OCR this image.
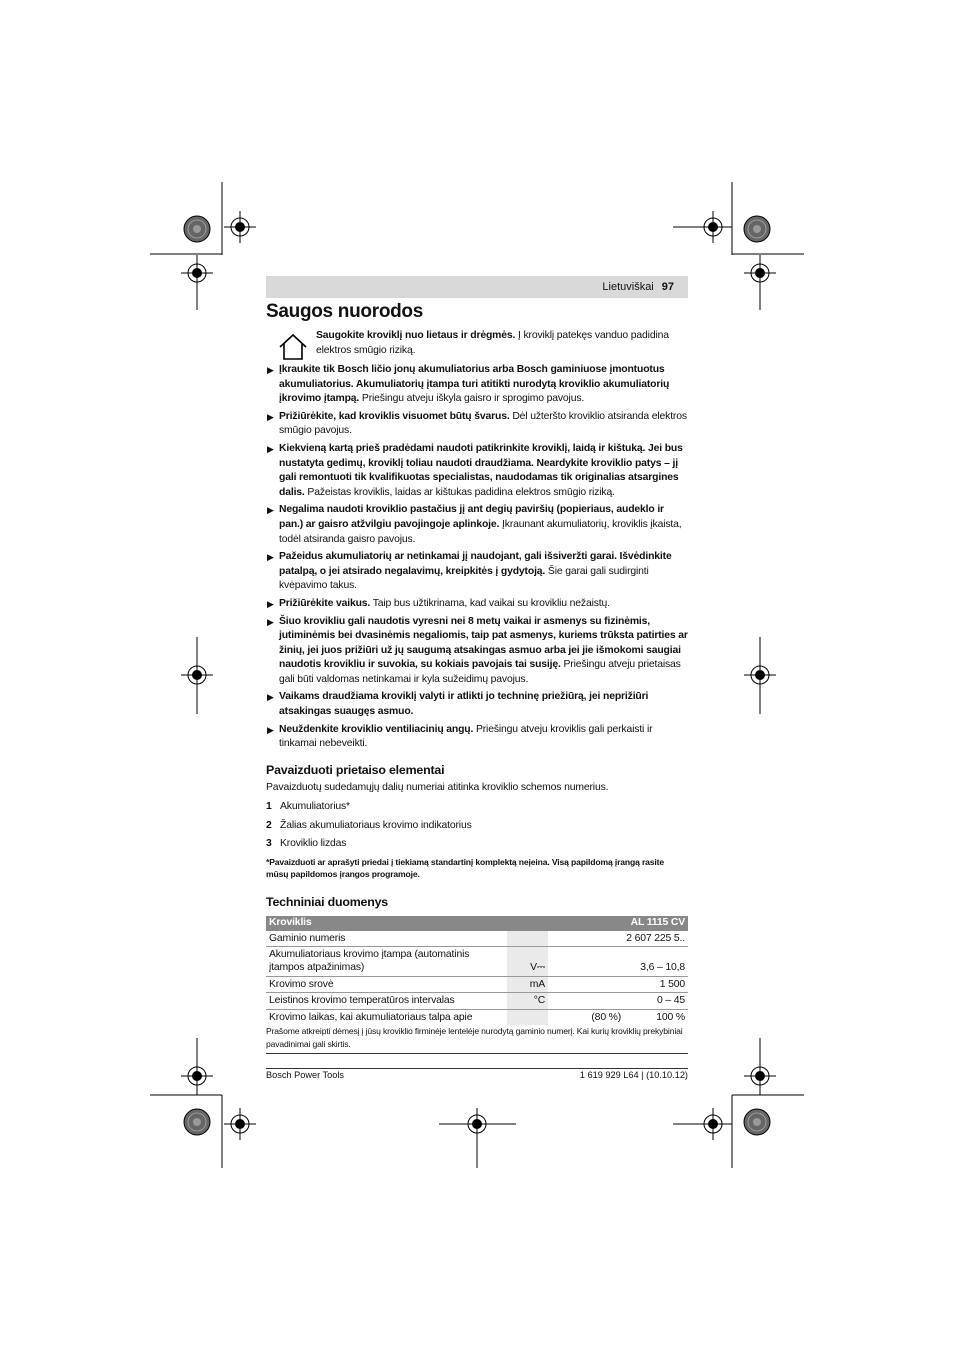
Lietuviškai 97
Saugos nuorodos
Saugokite kroviklį nuo lietaus ir drėgmės. Į kroviklį patekęs vanduo padidina elektros smūgio riziką.
▶ Įkraukite tik Bosch ličio jonų akumuliatorius arba Bosch gaminiuose įmontuotus akumuliatorius. Akumuliatorių įtampa turi atitikti nurodytą kroviklio akumuliatorių įkrovimo įtampą. Priešingu atveju iškyla gaisro ir sprogimo pavojus.
▶ Prižiūrėkite, kad kroviklis visuomet būtų švarus. Dėl užteršto kroviklio atsiranda elektros smūgio pavojus.
▶ Kiekvieną kartą prieš pradėdami naudoti patikrinkite kroviklį, laidą ir kištuką. Jei bus nustatyta gedimų, kroviklį toliau naudoti draudžiama. Neardykite kroviklio patys – jį gali remontuoti tik kvalifikuotas specialistas, naudodamas tik originalias atsargines dalis. Pažeistas kroviklis, laidas ar kištukas padidina elektros smūgio riziką.
▶ Negalima naudoti kroviklio pastačius jį ant degių paviršių (popieriaus, audeklo ir pan.) ar gaisro atžvilgiu pavojingoje aplinkoje. Įkraunant akumuliatorių, kroviklis įkaista, todėl atsiranda gaisro pavojus.
▶ Pažeidus akumuliatorių ar netinkamai jį naudojant, gali išsiveržti garai. Išvėdinkite patalpą, o jei atsirado negalavimų, kreipkitės į gydytoją. Šie garai gali sudirginti kvėpavimo takus.
▶ Prižiūrėkite vaikus. Taip bus užtikrinama, kad vaikai su krovikliu nežaistų.
▶ Šiuo krovikliu gali naudotis vyresni nei 8 metų vaikai ir asmenys su fizinėmis, jutiminėmis bei dvasinėmis negaliomis, taip pat asmenys, kuriems trūksta patirties ar žinių, jei juos prižiūri už jų saugumą atsakingas asmuo arba jei jie išmokomi saugiai naudotis krovikliu ir suvokia, su kokiais pavojais tai susiję. Priešingu atveju prietaisas gali būti valdomas netinkamai ir kyla sužeidimų pavojus.
▶ Vaikams draudžiama kroviklį valyti ir atlikti jo techninę priežiūrą, jei neprižiūri atsakingas suaugęs asmuo.
▶ Neuždenkite kroviklio ventiliacinių angų. Priešingu atveju kroviklis gali perkaisti ir tinkamai nebeveikti.
Pavaizduoti prietaiso elementai
Pavaizduotų sudedamųjų dalių numeriai atitinka kroviklio schemos numerius.
1 Akumuliatorius*
2 Žalias akumuliatoriaus krovimo indikatorius
3 Kroviklio lizdas
*Pavaizduoti ar aprašyti priedai į tiekiamą standartinį komplektą neįeina. Visą papildomą įrangą rasite mūsų papildomos įrangos programoje.
Techniniai duomenys
Kroviklis			AL 1115 CV
Gaminio numeris		2 607 225 5..	
Akumuliatoriaus krovimo įtampa (automatinis įtampos atpažinimas)	V⎓	3,6 – 10,8	
Krovimo srovė	mA	1 500	
Leistinos krovimo temperatūros intervalas	°C	0 – 45	
Krovimo laikas, kai akumuliatoriaus talpa apie		(80 %)	100 %
Prašome atkreipti dėmesį į jūsų kroviklio firminėje lentelėje nurodytą gaminio numerį. Kai kurių kroviklių prekybiniai pavadinimai gali skirtis.
Bosch Power Tools	1 619 929 L64 | (10.10.12)
